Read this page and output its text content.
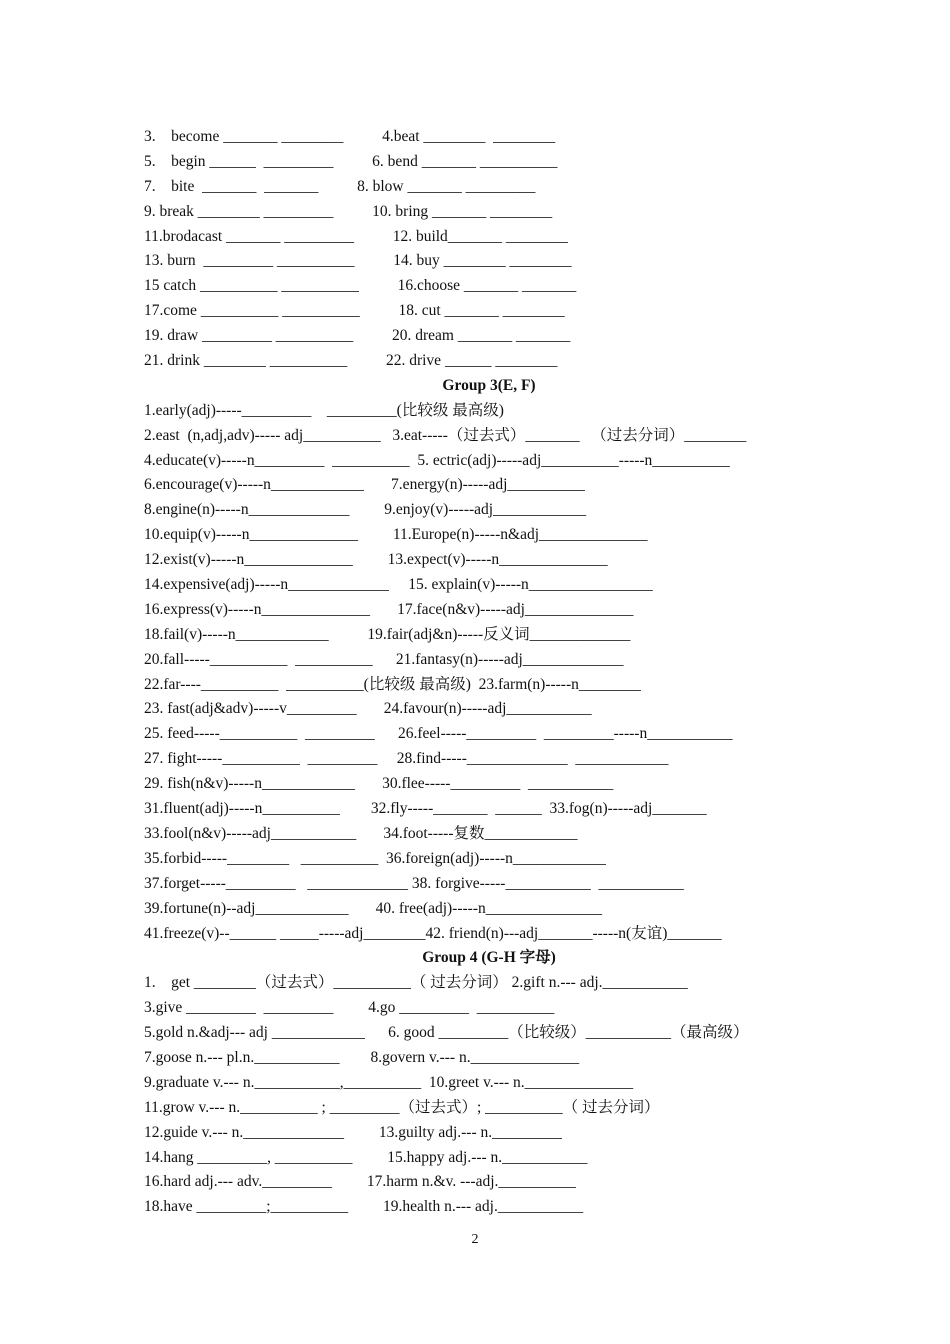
3.    become _______ ________          4.beat ________  ________
5.    begin ______  _________          6. bend _______ __________
7.    bite  _______  _______          8. blow _______ _________
9. break ________ _________          10. bring _______ ________
11.brodacast _______ _________          12. build_______ ________
13. burn  _________ __________          14. buy ________ ________
15 catch __________ __________          16.choose _______ _______
17.come __________ __________          18. cut _______ ________
19. draw _________ __________          20. dream _______ _______
21. drink ________ __________          22. drive ______ ________
Group 3(E, F)
1.early(adj)-----_________    _________(比较级 最高级)
2.east  (n,adj,adv)----- adj__________   3.eat-----（过去式）_______   （过去分词）________
4.educate(v)-----n_________  __________  5. ectric(adj)-----adj__________-----n__________
6.encourage(v)-----n____________       7.energy(n)-----adj__________
8.engine(n)-----n_____________         9.enjoy(v)-----adj____________
10.equip(v)-----n______________         11.Europe(n)-----n&adj______________
12.exist(v)-----n______________         13.expect(v)-----n______________
14.expensive(adj)-----n_____________     15. explain(v)-----n________________
16.express(v)-----n______________       17.face(n&v)-----adj______________
18.fail(v)-----n____________          19.fair(adj&n)-----反义词_____________
20.fall-----__________  __________      21.fantasy(n)-----adj_____________
22.far----__________  __________(比较级 最高级)  23.farm(n)-----n________
23. fast(adj&adv)-----v_________       24.favour(n)-----adj___________
25. feed-----__________  _________      26.feel-----_________  _________-----n___________
27. fight-----__________  _________     28.find-----_____________  ____________
29. fish(n&v)-----n____________       30.flee-----_________  ___________
31.fluent(adj)-----n__________        32.fly-----_______  ______  33.fog(n)-----adj_______
33.fool(n&v)-----adj___________       34.foot-----复数____________
35.forbid-----________   __________  36.foreign(adj)-----n____________
37.forget-----_________   _____________ 38. forgive-----___________  ___________
39.fortune(n)--adj____________       40. free(adj)-----n_______________
41.freeze(v)--______ _____-----adj________42. friend(n)---adj_______-----n(友谊)_______
Group 4 (G-H 字母)
1.    get ________（过去式）__________（ 过去分词） 2.gift n.--- adj.___________
3.give _________  _________         4.go _________  __________
5.gold n.&adj--- adj ____________      6. good _________（比较级）___________（最高级）
7.goose n.--- pl.n.___________        8.govern v.--- n.______________
9.graduate v.--- n.___________,__________  10.greet v.--- n.______________
11.grow v.--- n.__________ ; _________（过去式）; __________（ 过去分词）
12.guide v.--- n._____________         13.guilty adj.--- n._________
14.hang _________, __________         15.happy adj.--- n.___________
16.hard adj.--- adv._________         17.harm n.&v. ---adj.__________
18.have _________;__________         19.health n.--- adj.___________
2
